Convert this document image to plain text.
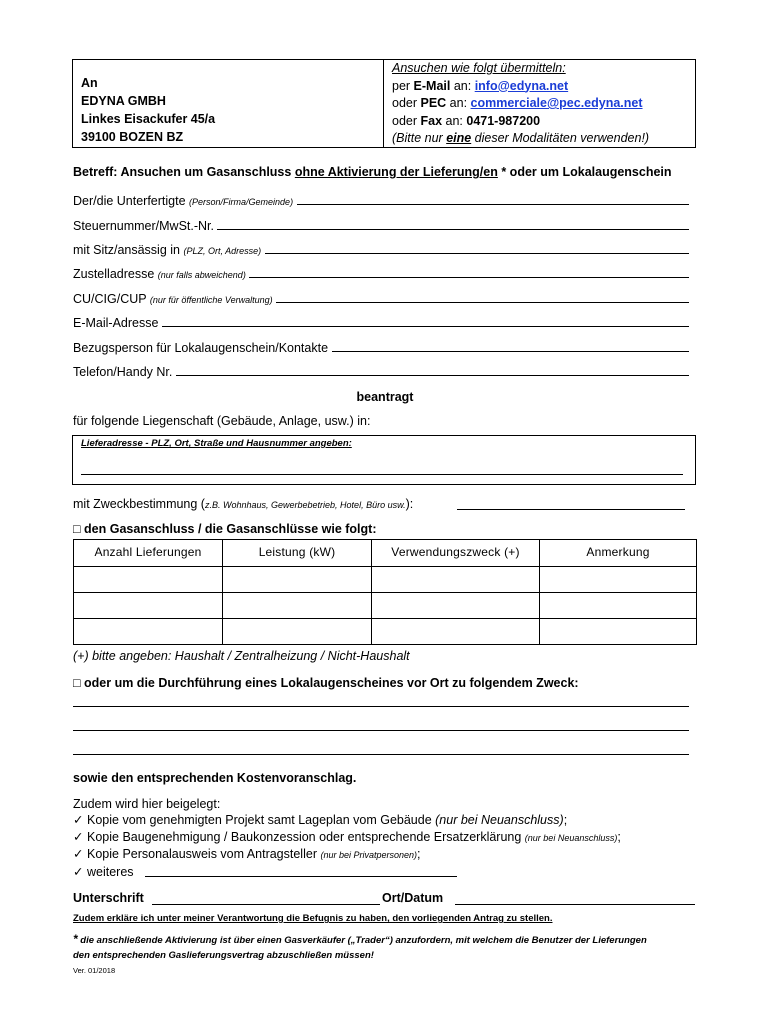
An
EDYNA GMBH
Linkes Eisackufer 45/a
39100 BOZEN BZ
Ansuchen wie folgt übermitteln:
per E-Mail an: info@edyna.net
oder PEC an: commerciale@pec.edyna.net
oder Fax an: 0471-987200
(Bitte nur eine dieser Modalitäten verwenden!)
Betreff: Ansuchen um Gasanschluss ohne Aktivierung der Lieferung/en * oder um Lokalaugenschein
Der/die Unterfertigte (Person/Firma/Gemeinde)
Steuernummer/MwSt.-Nr.
mit Sitz/ansässig in (PLZ, Ort, Adresse)
Zustelladresse (nur falls abweichend)
CU/CIG/CUP (nur für öffentliche Verwaltung)
E-Mail-Adresse
Bezugsperson für Lokalaugenschein/Kontakte
Telefon/Handy Nr.
beantragt
für folgende Liegenschaft (Gebäude, Anlage, usw.) in:
Lieferadresse - PLZ, Ort, Straße und Hausnummer angeben:
mit Zweckbestimmung (z.B. Wohnhaus, Gewerbebetrieb, Hotel, Büro usw.):
□ den Gasanschluss / die Gasanschlüsse wie folgt:
Anzahl Lieferungen	Leistung (kW)	Verwendungszweck (+)	Anmerkung

(+) bitte angeben: Haushalt / Zentralheizung / Nicht-Haushalt
□ oder um die Durchführung eines Lokalaugenscheines vor Ort zu folgendem Zweck:
sowie den entsprechenden Kostenvoranschlag.
Zudem wird hier beigelegt:
✓ Kopie vom genehmigten Projekt samt Lageplan vom Gebäude (nur bei Neuanschluss);
✓ Kopie Baugenehmigung / Baukonzession oder entsprechende Ersatzerklärung (nur bei Neuanschluss);
✓ Kopie Personalausweis vom Antragsteller (nur bei Privatpersonen);
✓ weiteres
Unterschrift	Ort/Datum
Zudem erkläre ich unter meiner Verantwortung die Befugnis zu haben, den vorliegenden Antrag zu stellen.
* die anschließende Aktivierung ist über einen Gasverkäufer („Trader“) anzufordern, mit welchem die Benutzer der Lieferungen
den entsprechenden Gaslieferungsvertrag abzuschließen müssen!
Ver. 01/2018
